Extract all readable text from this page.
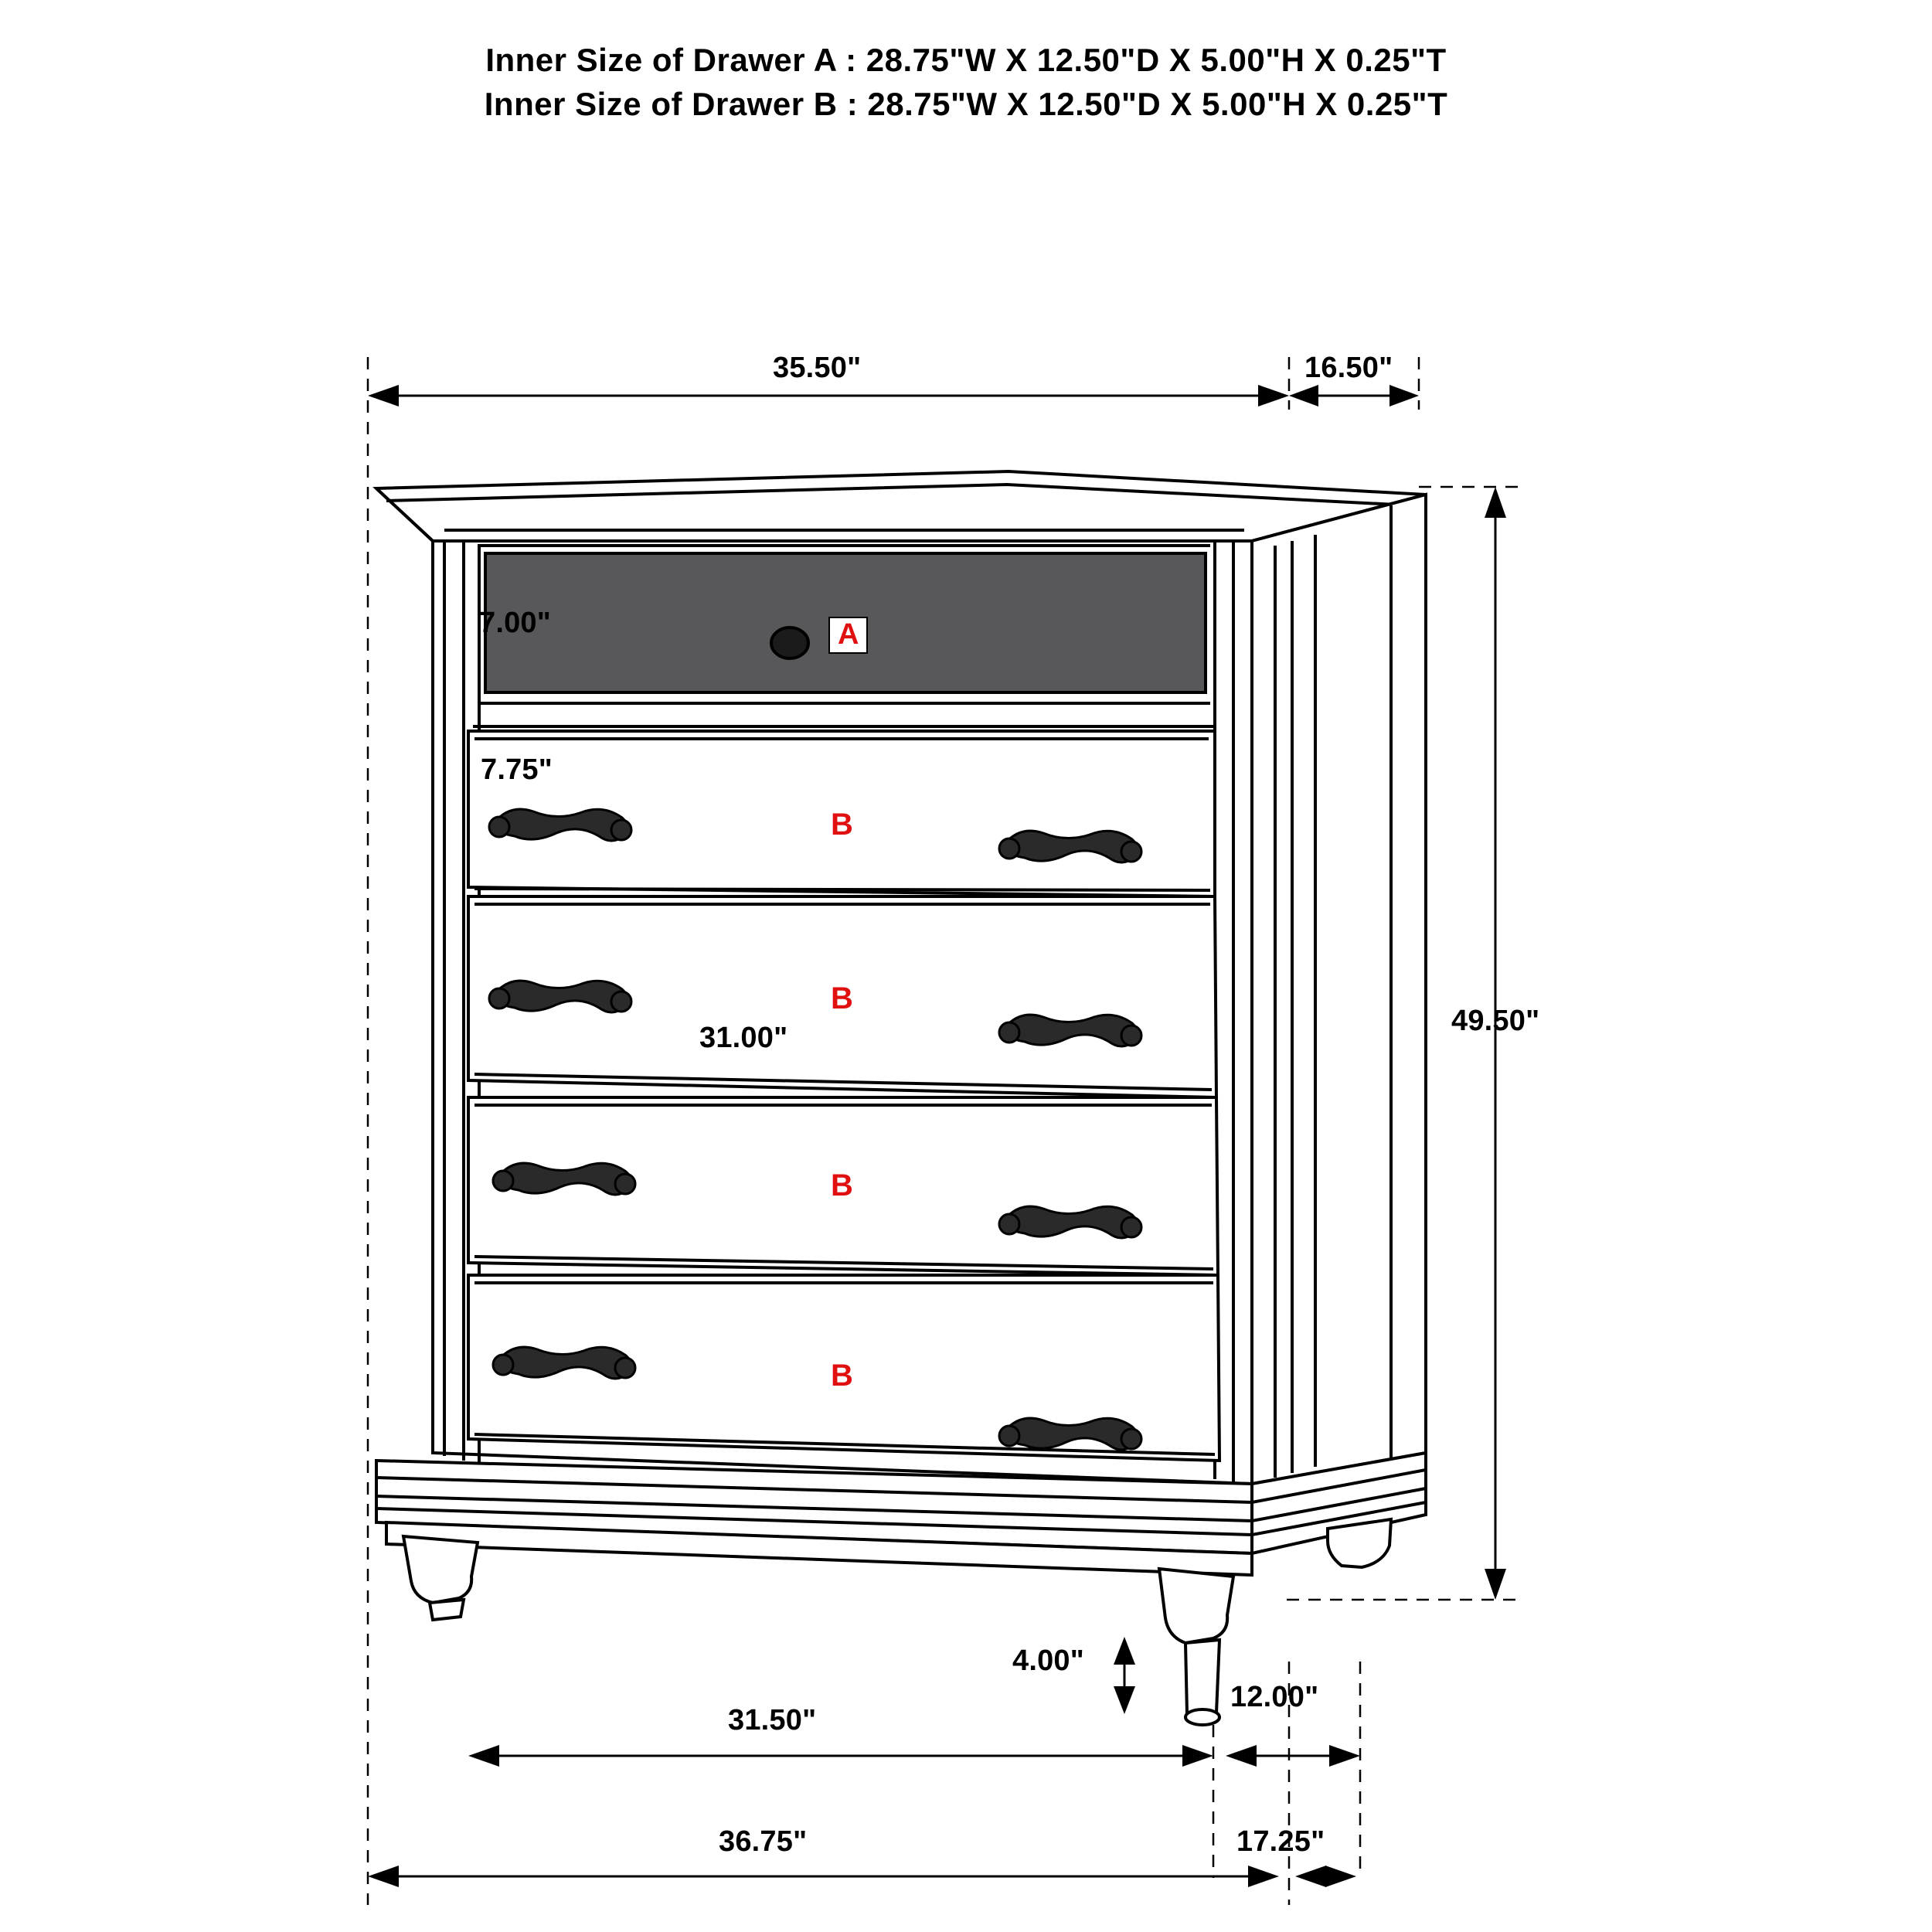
Inner Size of Drawer A : 28.75"W X 12.50"D X 5.00"H X 0.25"T
Inner Size of Drawer B : 28.75"W X 12.50"D X 5.00"H X 0.25"T
35.50"	16.50"
7.00"
7.75"
31.00"
49.50"
4.00"
31.50"
12.00"
36.75"	17.25"
A
B
B
B
B
